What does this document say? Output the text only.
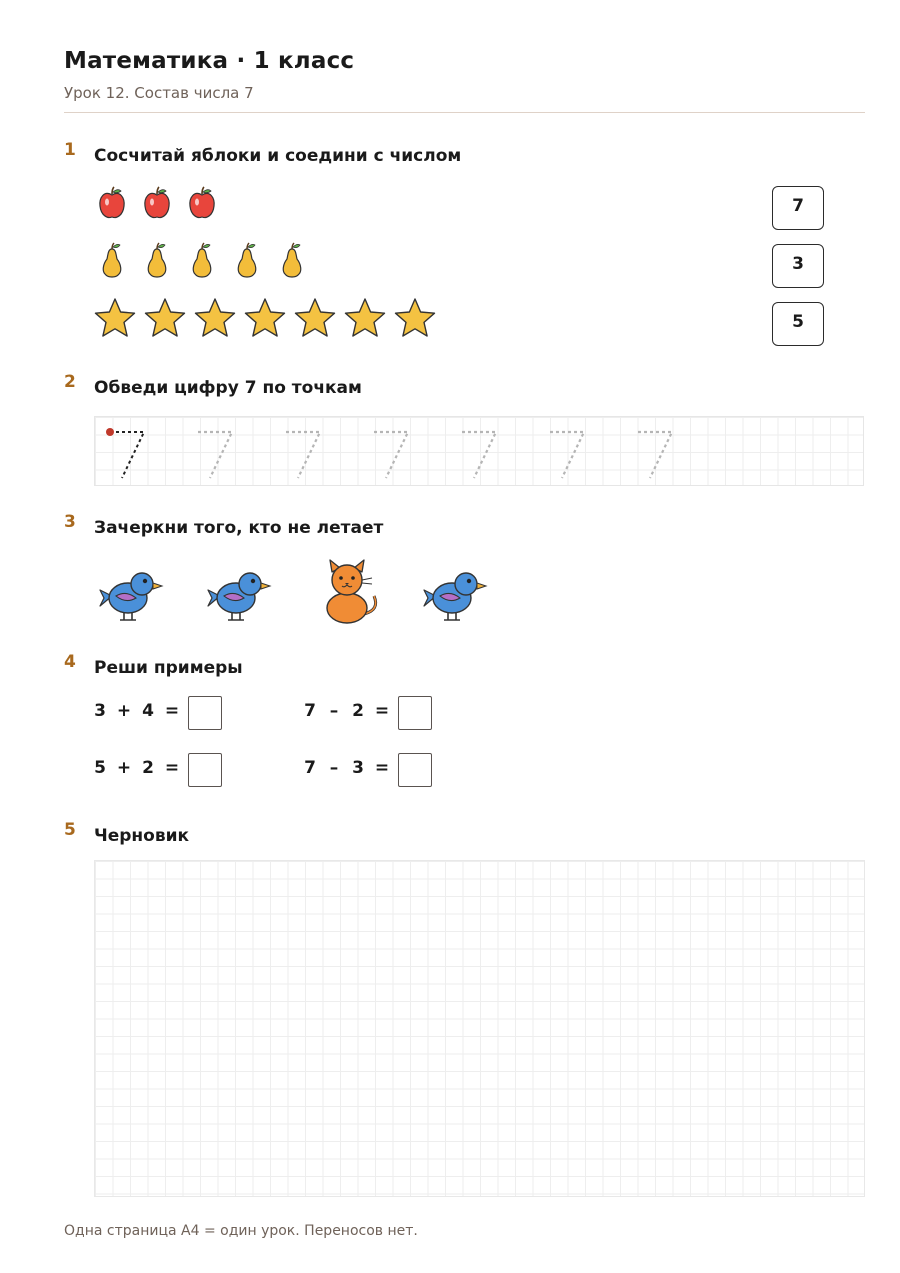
Математика · 1 класс
Урок 12. Состав числа 7
1 Сосчитай яблоки и соедини с числом
7
3
5
2 Обведи цифру 7 по точкам
3 Зачеркни того, кто не летает
4 Реши примеры
3 + 4 =	7 – 2 =
5 + 2 =	7 – 3 =
5 Черновик
Одна страница А4 = один урок. Переносов нет.
